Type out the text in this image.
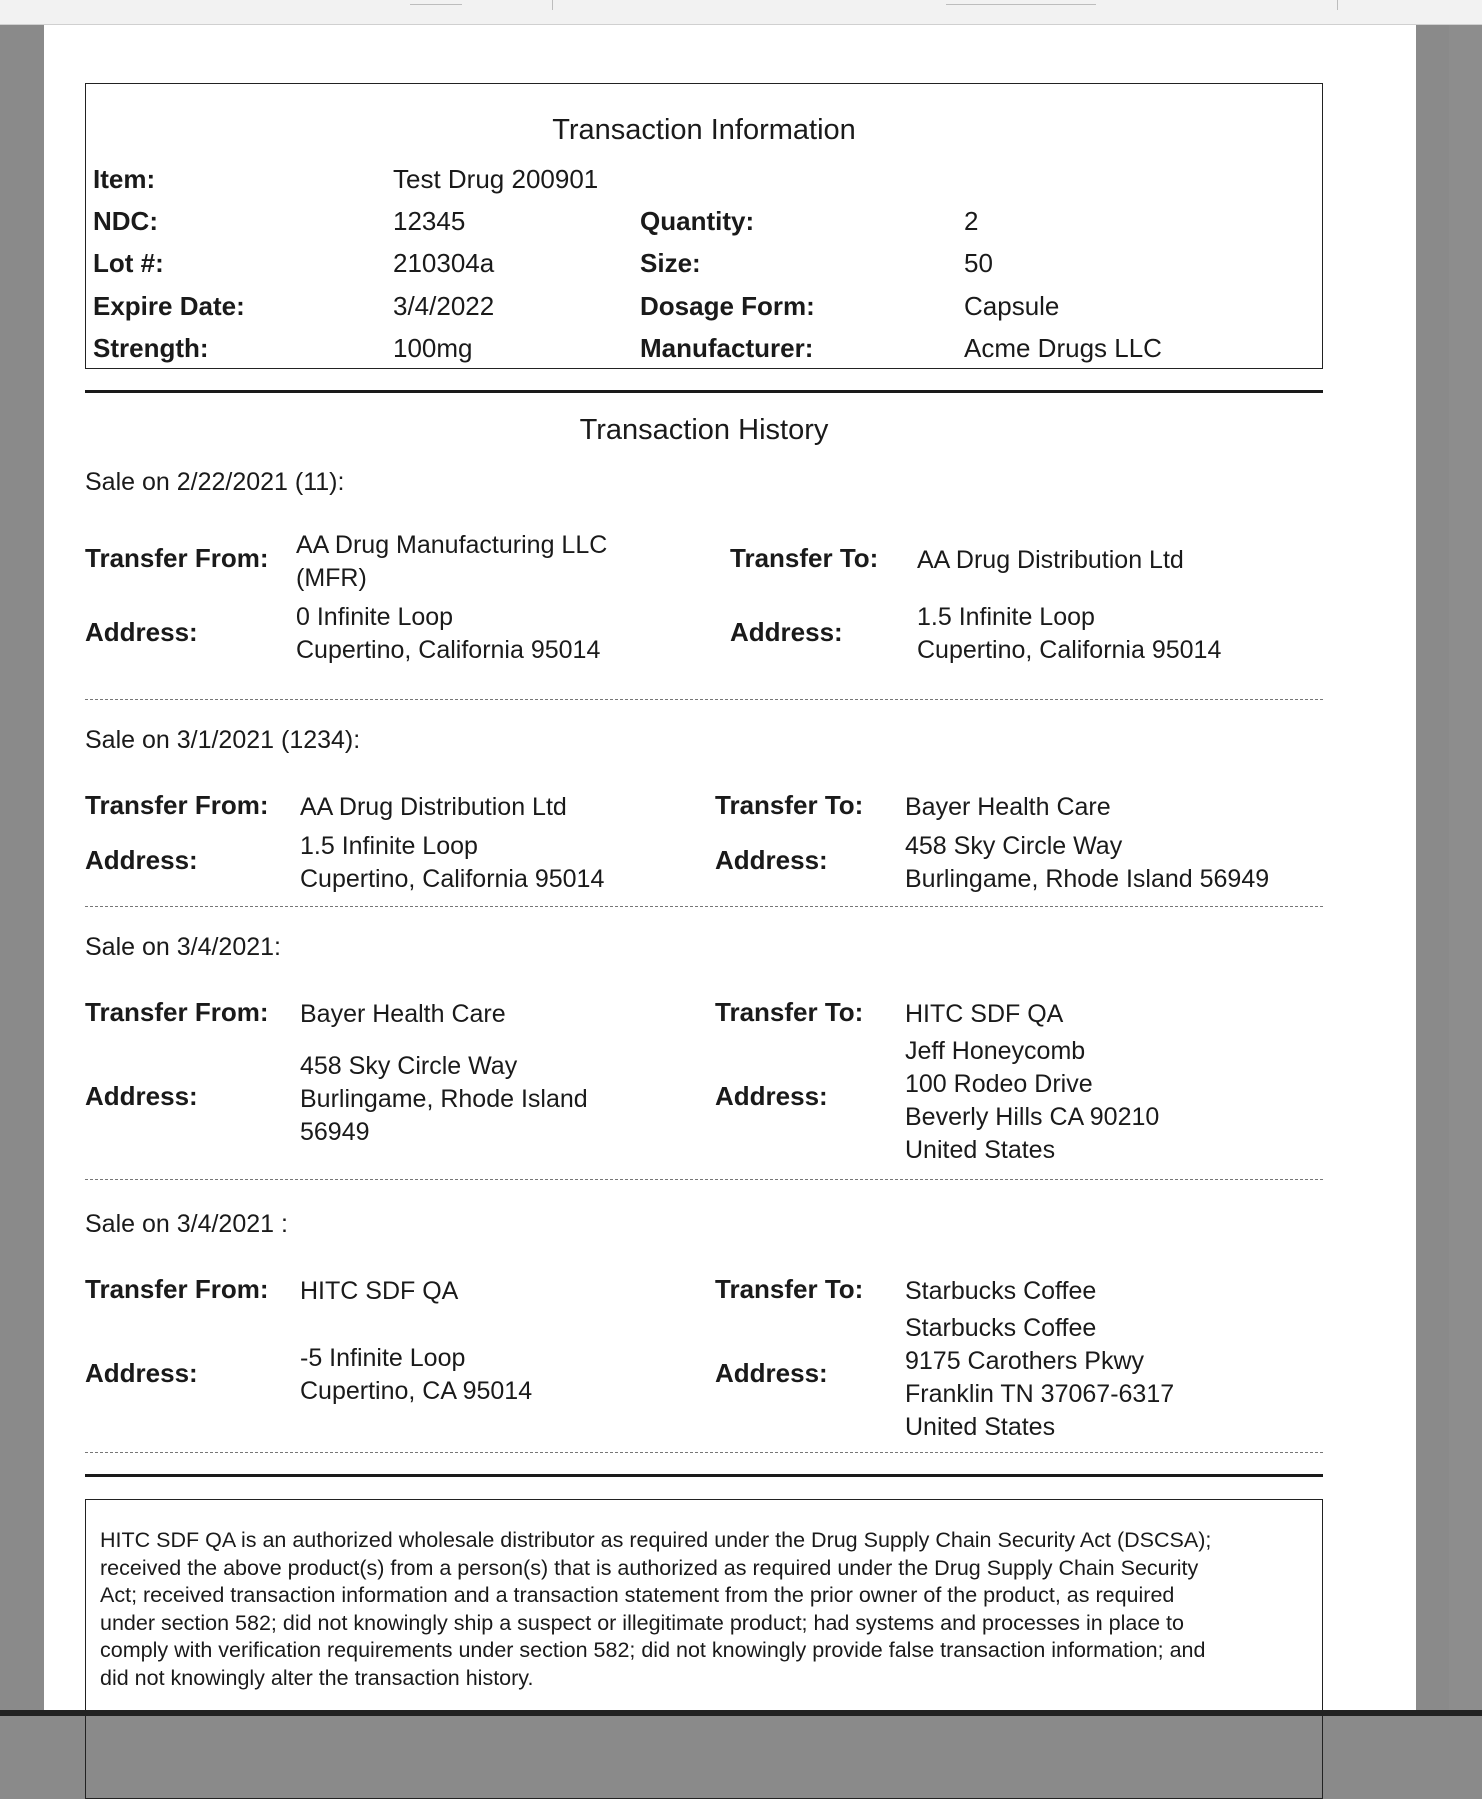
Transaction Information
Item:	Test Drug 200901
NDC:	12345	Quantity:	2
Lot #:	210304a	Size:	50
Expire Date:	3/4/2022	Dosage Form:	Capsule
Strength:	100mg	Manufacturer:	Acme Drugs LLC
Transaction History
Sale on 2/22/2021 (11):
Transfer From: AA Drug Manufacturing LLC
(MFR)
Address:	0 Infinite Loop
Cupertino, California 95014
Transfer To: AA Drug Distribution Ltd
Address:	1.5 Infinite Loop
Cupertino, California 95014
Sale on 3/1/2021 (1234):
Transfer From: AA Drug Distribution Ltd
Address:	1.5 Infinite Loop
Cupertino, California 95014
Transfer To: Bayer Health Care
Address:	458 Sky Circle Way
Burlingame, Rhode Island 56949
Sale on 3/4/2021:
Transfer From: Bayer Health Care
Address:
458 Sky Circle Way
Burlingame, Rhode Island
56949
Transfer To: HITC SDF QA
Address:
Jeff Honeycomb
100 Rodeo Drive
Beverly Hills CA 90210
United States
Sale on 3/4/2021 :
Transfer From: HITC SDF QA
Address:	-5 Infinite Loop
Cupertino, CA 95014
Transfer To: Starbucks Coffee
Address:
Starbucks Coffee
9175 Carothers Pkwy
Franklin TN 37067-6317
United States
HITC SDF QA is an authorized wholesale distributor as required under the Drug Supply Chain Security Act (DSCSA);
received the above product(s) from a person(s) that is authorized as required under the Drug Supply Chain Security
Act; received transaction information and a transaction statement from the prior owner of the product, as required
under section 582; did not knowingly ship a suspect or illegitimate product; had systems and processes in place to
comply with verification requirements under section 582; did not knowingly provide false transaction information; and
did not knowingly alter the transaction history.
